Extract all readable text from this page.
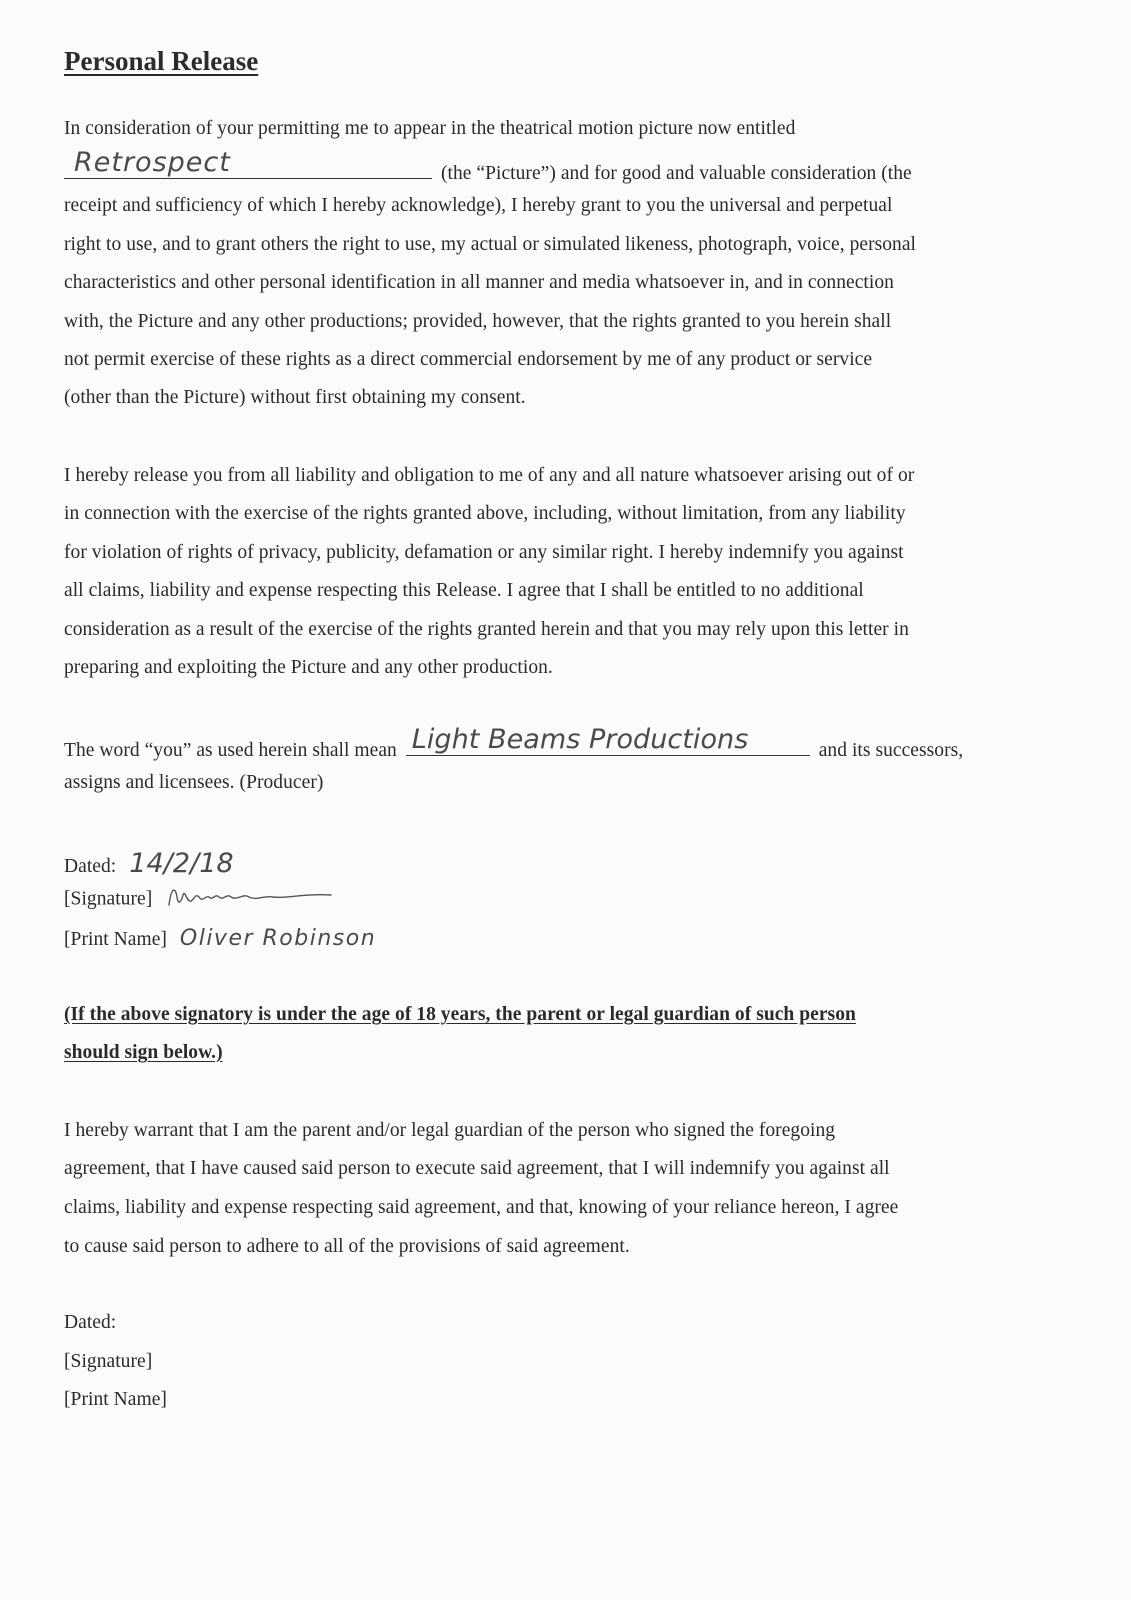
Personal Release
In consideration of your permitting me to appear in the theatrical motion picture now entitled
Retrospect	(the “Picture”) and for good and valuable consideration (the
receipt and sufficiency of which I hereby acknowledge), I hereby grant to you the universal and perpetual
right to use, and to grant others the right to use, my actual or simulated likeness, photograph, voice, personal
characteristics and other personal identification in all manner and media whatsoever in, and in connection
with, the Picture and any other productions; provided, however, that the rights granted to you herein shall
not permit exercise of these rights as a direct commercial endorsement by me of any product or service
(other than the Picture) without first obtaining my consent.
I hereby release you from all liability and obligation to me of any and all nature whatsoever arising out of or
in connection with the exercise of the rights granted above, including, without limitation, from any liability
for violation of rights of privacy, publicity, defamation or any similar right. I hereby indemnify you against
all claims, liability and expense respecting this Release. I agree that I shall be entitled to no additional
consideration as a result of the exercise of the rights granted herein and that you may rely upon this letter in
preparing and exploiting the Picture and any other production.
The word “you” as used herein shall mean Light Beams Productions	and its successors,
assigns and licensees. (Producer)
Dated: 14/2/18
[Signature]
[Print Name] Oliver Robinson
(If the above signatory is under the age of 18 years, the parent or legal guardian of such person
should sign below.)
I hereby warrant that I am the parent and/or legal guardian of the person who signed the foregoing
agreement, that I have caused said person to execute said agreement, that I will indemnify you against all
claims, liability and expense respecting said agreement, and that, knowing of your reliance hereon, I agree
to cause said person to adhere to all of the provisions of said agreement.
Dated:
[Signature]
[Print Name]
